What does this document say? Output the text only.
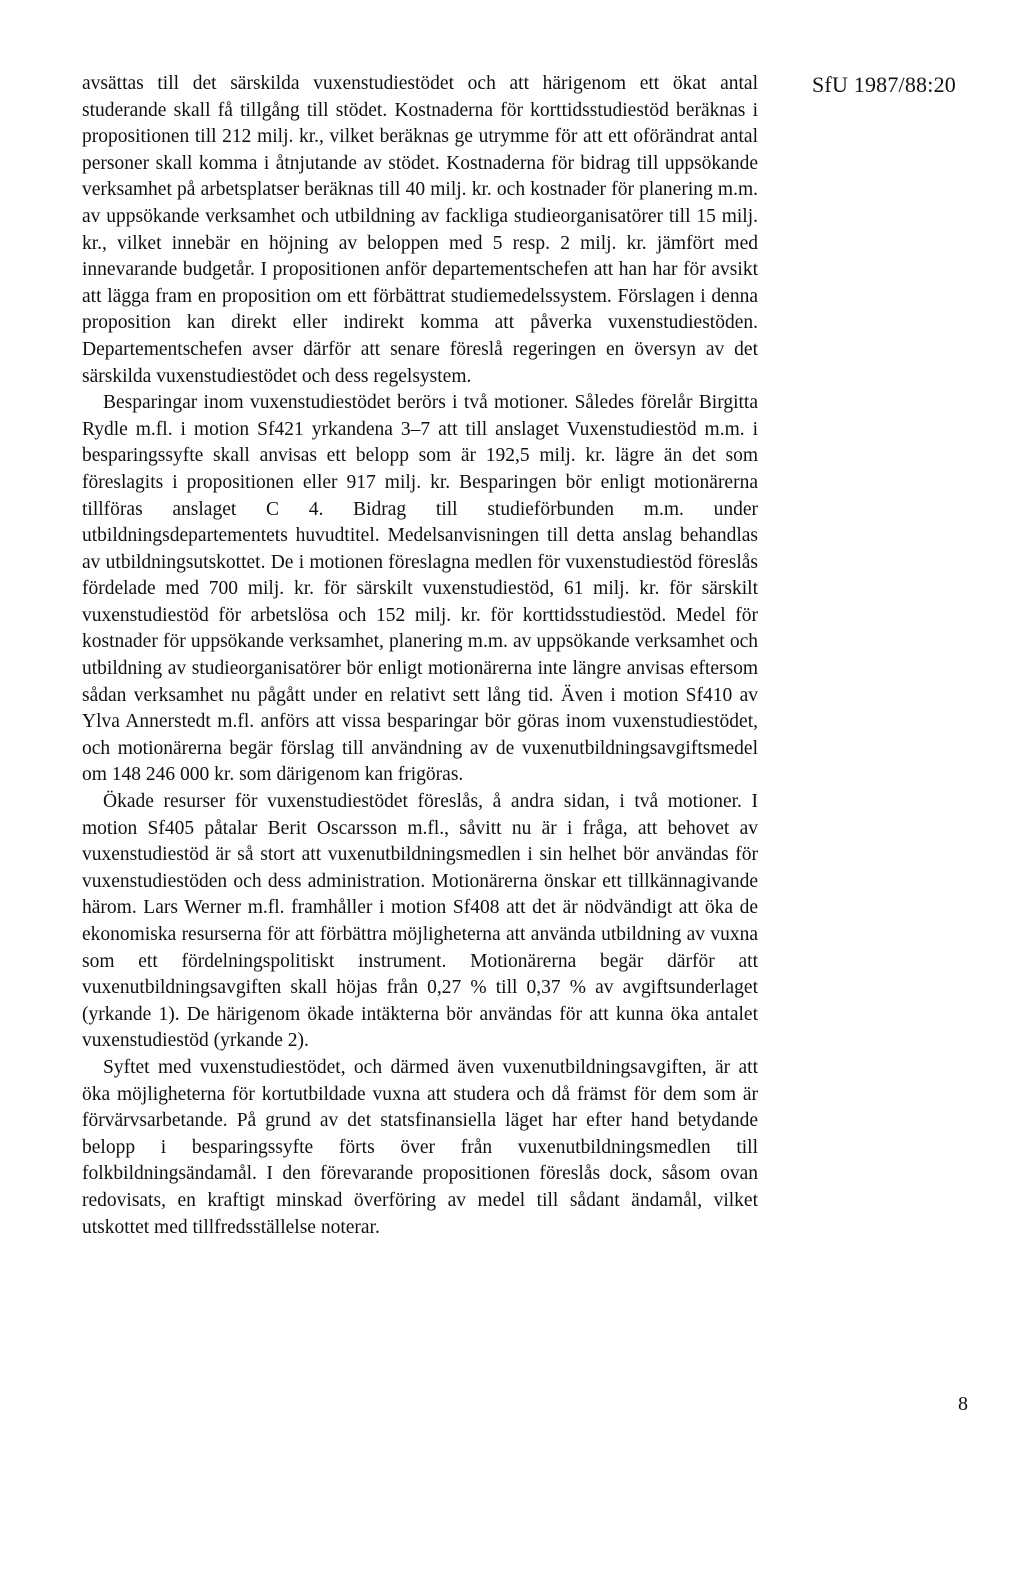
SfU 1987/88:20

avsättas till det särskilda vuxenstudiestödet och att härigenom ett ökat antal studerande skall få tillgång till stödet. Kostnaderna för korttidsstudiestöd beräknas i propositionen till 212 milj. kr., vilket beräknas ge utrymme för att ett oförändrat antal personer skall komma i åtnjutande av stödet. Kostnaderna för bidrag till uppsökande verksamhet på arbetsplatser beräknas till 40 milj. kr. och kostnader för planering m.m. av uppsökande verksamhet och utbildning av fackliga studieorganisatörer till 15 milj. kr., vilket innebär en höjning av beloppen med 5 resp. 2 milj. kr. jämfört med innevarande budgetår. I propositionen anför departementschefen att han har för avsikt att lägga fram en proposition om ett förbättrat studiemedelssystem. Förslagen i denna proposition kan direkt eller indirekt komma att påverka vuxenstudiestöden. Departementschefen avser därför att senare föreslå regeringen en översyn av det särskilda vuxenstudiestödet och dess regelsystem.

Besparingar inom vuxenstudiestödet berörs i två motioner. Således förelår Birgitta Rydle m.fl. i motion Sf421 yrkandena 3–7 att till anslaget Vuxenstudiestöd m.m. i besparingssyfte skall anvisas ett belopp som är 192,5 milj. kr. lägre än det som föreslagits i propositionen eller 917 milj. kr. Besparingen bör enligt motionärerna tillföras anslaget C 4. Bidrag till studieförbunden m.m. under utbildningsdepartementets huvudtitel. Medelsanvisningen till detta anslag behandlas av utbildningsutskottet. De i motionen föreslagna medlen för vuxenstudiestöd föreslås fördelade med 700 milj. kr. för särskilt vuxenstudiestöd, 61 milj. kr. för särskilt vuxenstudiestöd för arbetslösa och 152 milj. kr. för korttidsstudiestöd. Medel för kostnader för uppsökande verksamhet, planering m.m. av uppsökande verksamhet och utbildning av studieorganisatörer bör enligt motionärerna inte längre anvisas eftersom sådan verksamhet nu pågått under en relativt sett lång tid. Även i motion Sf410 av Ylva Annerstedt m.fl. anförs att vissa besparingar bör göras inom vuxenstudiestödet, och motionärerna begär förslag till användning av de vuxenutbildningsavgiftsmedel om 148 246 000 kr. som därigenom kan frigöras.

Ökade resurser för vuxenstudiestödet föreslås, å andra sidan, i två motioner. I motion Sf405 påtalar Berit Oscarsson m.fl., såvitt nu är i fråga, att behovet av vuxenstudiestöd är så stort att vuxenutbildningsmedlen i sin helhet bör användas för vuxenstudiestöden och dess administration. Motionärerna önskar ett tillkännagivande härom. Lars Werner m.fl. framhåller i motion Sf408 att det är nödvändigt att öka de ekonomiska resurserna för att förbättra möjligheterna att använda utbildning av vuxna som ett fördelningspolitiskt instrument. Motionärerna begär därför att vuxenutbildningsavgiften skall höjas från 0,27 % till 0,37 % av avgiftsunderlaget (yrkande 1). De härigenom ökade intäkterna bör användas för att kunna öka antalet vuxenstudiestöd (yrkande 2).

Syftet med vuxenstudiestödet, och därmed även vuxenutbildningsavgiften, är att öka möjligheterna för kortutbildade vuxna att studera och då främst för dem som är förvärvsarbetande. På grund av det statsfinansiella läget har efter hand betydande belopp i besparingssyfte förts över från vuxenutbildningsmedlen till folkbildningsändamål. I den förevarande propositionen föreslås dock, såsom ovan redovisats, en kraftigt minskad överföring av medel till sådant ändamål, vilket utskottet med tillfredsställelse noterar.

8
